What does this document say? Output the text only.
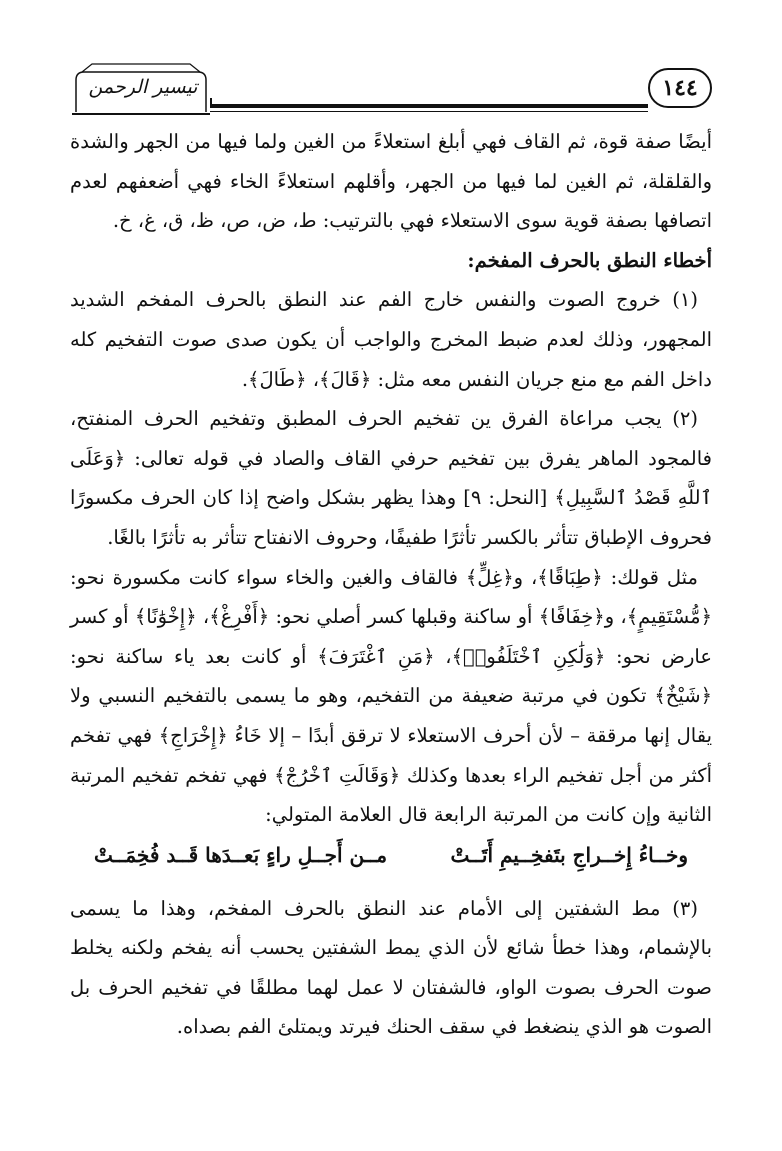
تيسير الرحمن	١٤٤

أيضًا صفة قوة، ثم القاف فهي أبلغ استعلاءً من الغين ولما فيها من الجهر والشدة والقلقلة، ثم الغين لما فيها من الجهر، وأقلهم استعلاءً الخاء فهي أضعفهم لعدم اتصافها بصفة قوية سوى الاستعلاء فهي بالترتيب: ط، ض، ص، ظ، ق، غ، خ.

أخطاء النطق بالحرف المفخم:

(١) خروج الصوت والنفس خارج الفم عند النطق بالحرف المفخم الشديد المجهور، وذلك لعدم ضبط المخرج والواجب أن يكون صدى صوت التفخيم كله داخل الفم مع منع جريان النفس معه مثل: ﴿قَالَ﴾، ﴿طَالَ﴾.

(٢) يجب مراعاة الفرق ين تفخيم الحرف المطبق وتفخيم الحرف المنفتح، فالمجود الماهر يفرق بين تفخيم حرفي القاف والصاد في قوله تعالى: ﴿وَعَلَى ٱللَّهِ قَصْدُ ٱلسَّبِيلِ﴾ [النحل: ٩] وهذا يظهر بشكل واضح إذا كان الحرف مكسورًا فحروف الإطباق تتأثر بالكسر تأثرًا طفيفًا، وحروف الانفتاح تتأثر به تأثرًا بالغًا.

مثل قولك: ﴿طِبَاقًا﴾، و﴿غِلٍّ﴾ فالقاف والغين والخاء سواء كانت مكسورة نحو: ﴿مُّسْتَقِيمٍ﴾، و﴿خِفَافًا﴾ أو ساكنة وقبلها كسر أصلي نحو: ﴿أَفْرِغْ﴾، ﴿إِخْوَٰنًا﴾ أو كسر عارض نحو: ﴿وَلَٰكِنِ ٱخْتَلَفُوا۟﴾، ﴿مَنِ ٱغْتَرَفَ﴾ أو كانت بعد ياء ساكنة نحو: ﴿شَيْخٌ﴾ تكون في مرتبة ضعيفة من التفخيم، وهو ما يسمى بالتفخيم النسبي ولا يقال إنها مرققة – لأن أحرف الاستعلاء لا ترقق أبدًا – إلا خَاءُ ﴿إِخْرَاجِ﴾ فهي تفخم أكثر من أجل تفخيم الراء بعدها وكذلك ﴿وَقَالَتِ ٱخْرُجْ﴾ فهي تفخم تفخيم المرتبة الثانية وإن كانت من المرتبة الرابعة قال العلامة المتولي:

وخــاءُ إِخــراجِ بتَفخِــيمِ أَتَــتْ
مــن أَجــلِ راءٍ بَعــدَها قَــد فُخِمَــتْ

(٣) مط الشفتين إلى الأمام عند النطق بالحرف المفخم، وهذا ما يسمى بالإشمام، وهذا خطأ شائع لأن الذي يمط الشفتين يحسب أنه يفخم ولكنه يخلط صوت الحرف بصوت الواو، فالشفتان لا عمل لهما مطلقًا في تفخيم الحرف بل الصوت هو الذي ينضغط في سقف الحنك فيرتد ويمتلئ الفم بصداه.
